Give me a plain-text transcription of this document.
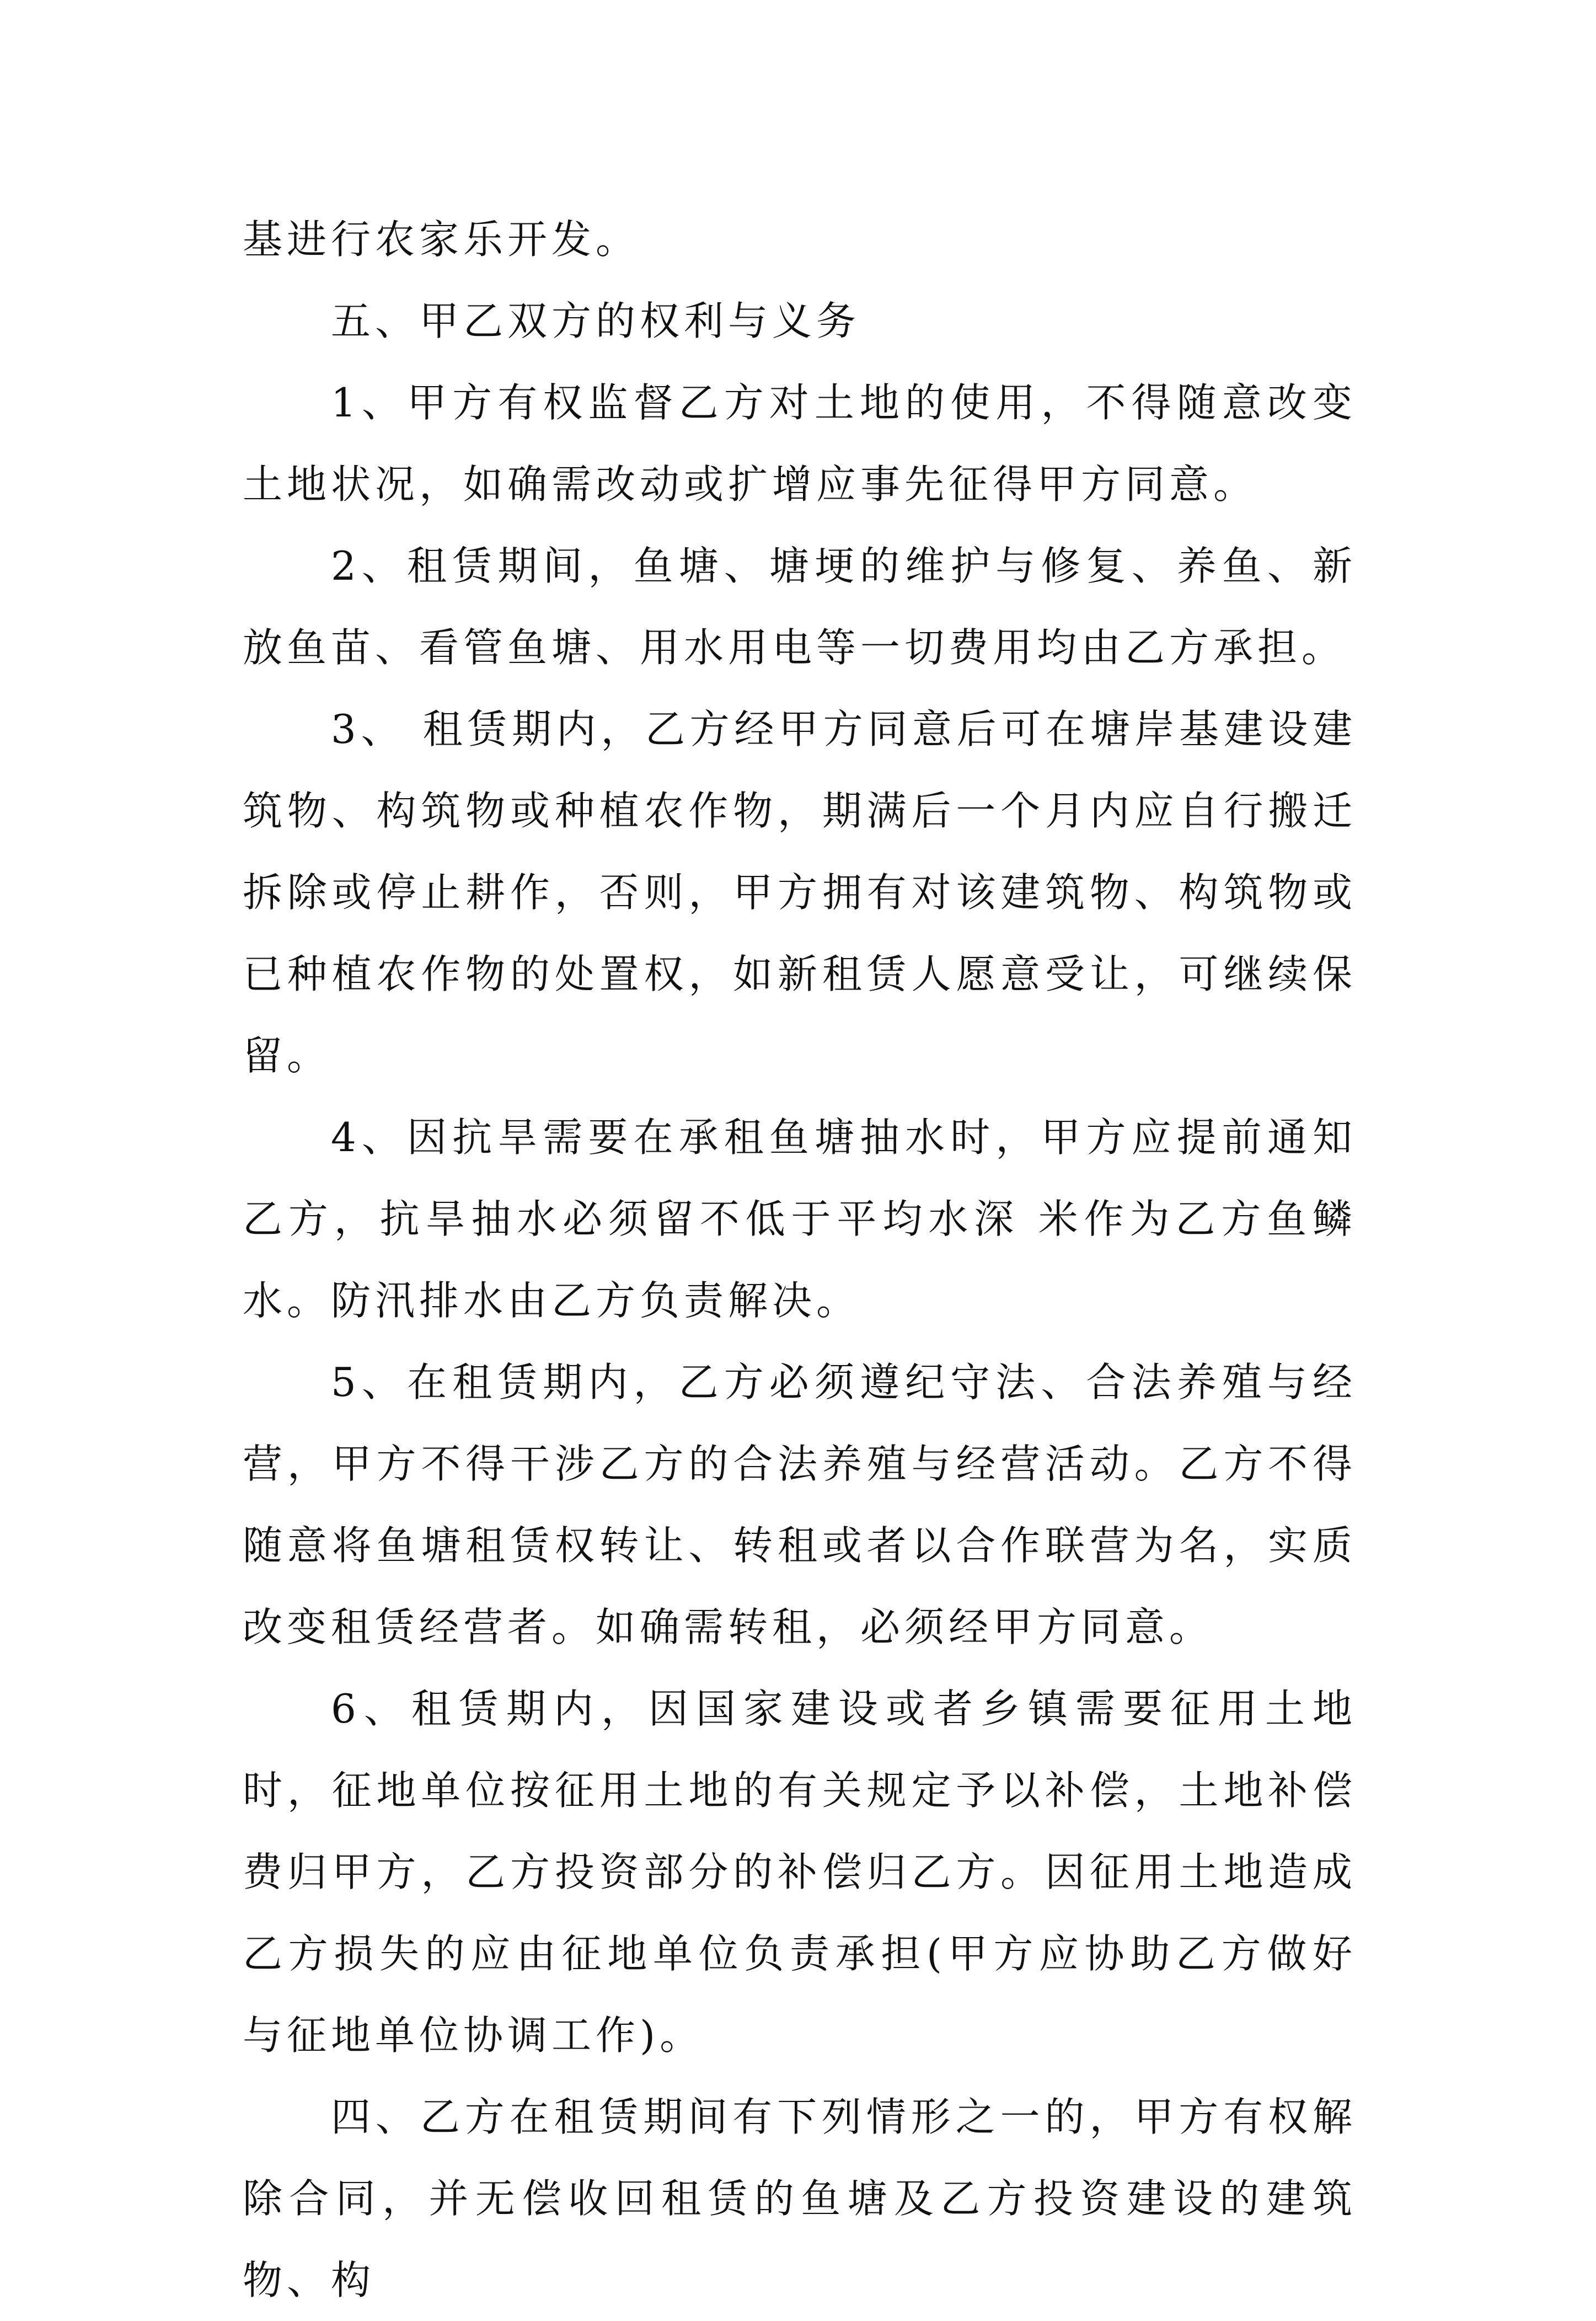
基进行农家乐开发。

五、甲乙双方的权利与义务

1、甲方有权监督乙方对土地的使用，不得随意改变土地状况，如确需改动或扩增应事先征得甲方同意。

2、租赁期间，鱼塘、塘埂的维护与修复、养鱼、新放鱼苗、看管鱼塘、用水用电等一切费用均由乙方承担。

3、 租赁期内，乙方经甲方同意后可在塘岸基建设建筑物、构筑物或种植农作物，期满后一个月内应自行搬迁拆除或停止耕作，否则，甲方拥有对该建筑物、构筑物或已种植农作物的处置权，如新租赁人愿意受让，可继续保留。

4、因抗旱需要在承租鱼塘抽水时，甲方应提前通知乙方，抗旱抽水必须留不低于平均水深 米作为乙方鱼鳞水。防汛排水由乙方负责解决。

5、在租赁期内，乙方必须遵纪守法、合法养殖与经营，甲方不得干涉乙方的合法养殖与经营活动。乙方不得随意将鱼塘租赁权转让、转租或者以合作联营为名，实质改变租赁经营者。如确需转租，必须经甲方同意。

6、租赁期内，因国家建设或者乡镇需要征用土地时，征地单位按征用土地的有关规定予以补偿，土地补偿费归甲方，乙方投资部分的补偿归乙方。因征用土地造成乙方损失的应由征地单位负责承担(甲方应协助乙方做好与征地单位协调工作)。

四、乙方在租赁期间有下列情形之一的，甲方有权解除合同，并无偿收回租赁的鱼塘及乙方投资建设的建筑物、构
